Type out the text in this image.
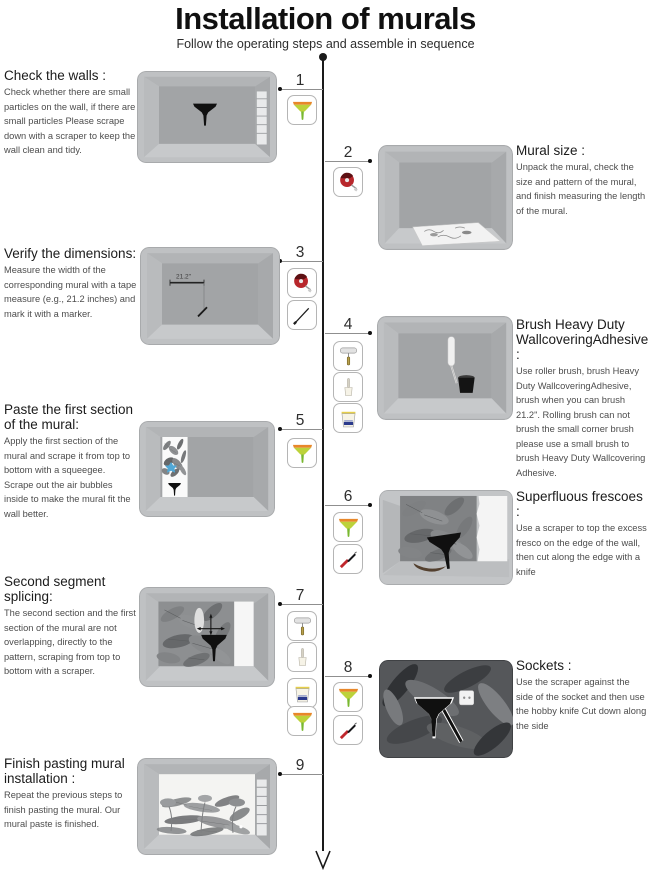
Installation of murals
Follow the operating steps and assemble in sequence
1
Check the walls :

Check whether there are small particles on the wall, if there are small particles Please scrape down with a scraper to keep the wall clean and tidy.	2	Mural size :

Unpack the mural, check the size and pattern of the mural, and finish measuring the length of the mural.

3
Verify the dimensions:

Measure the width of the corresponding mural with a tape measure (e.g., 21.2 inches) and mark it with a marker.

21.2"
4	Brush Heavy Duty WallcoveringAdhesive :

Use roller brush, brush Heavy Duty WallcoveringAdhesive, brush when you can brush 21.2". Rolling brush can not brush the small corner brush please use a small brush to brush Heavy Duty Wallcovering Adhesive.

5
Paste the first section of the mural:

Apply the first section of the mural and scrape it from top to bottom with a squeegee. Scrape out the air bubbles inside to make the mural fit the wall better.

6	Superfluous frescoes :

Use a scraper to top the excess fresco on the edge of the wall, then cut along the edge with a knife

7
Second segment splicing:

The second section and the first section of the mural are not overlapping, directly to the pattern, scraping from top to bottom with a scraper.	8	Sockets :

Use the scraper against the side of the socket and then use the hobby knife Cut down along the side

9
Finish pasting mural installation :

Repeat the previous steps to finish pasting the mural. Our mural paste is finished.
